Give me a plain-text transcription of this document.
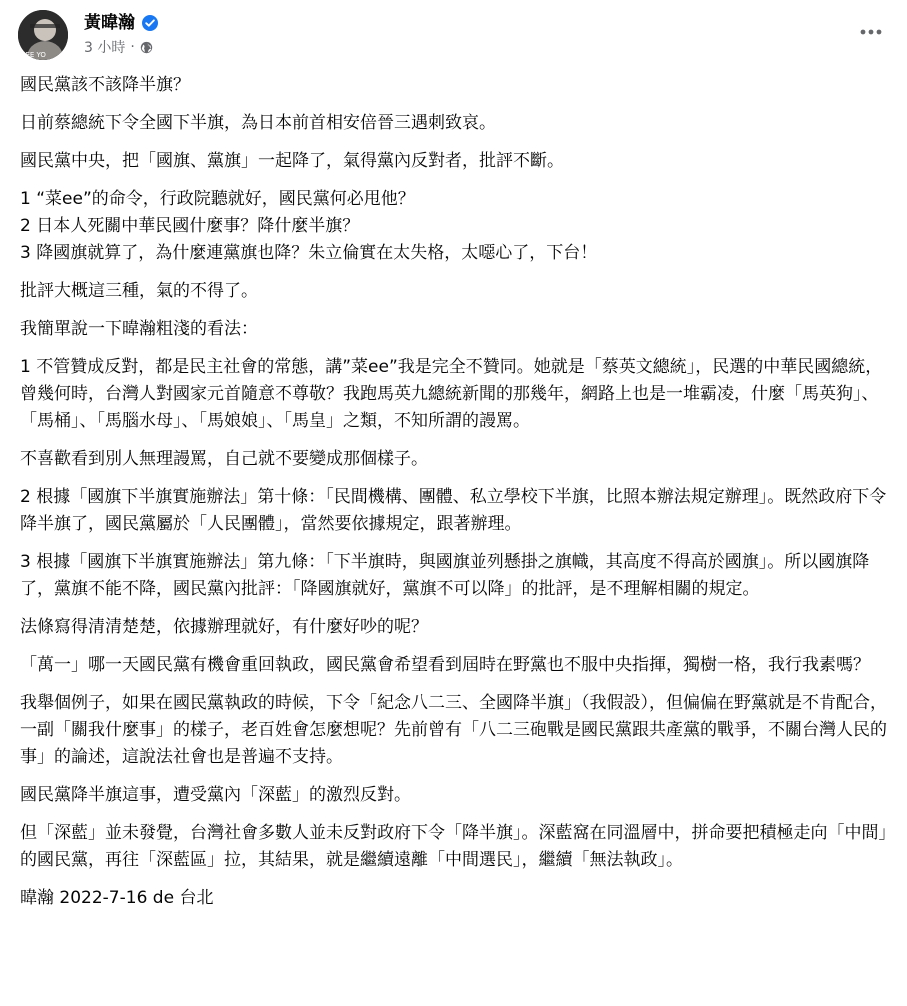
SEE YO
黃暐瀚
3 小時 ·

國民黨該不該降半旗？

日前蔡總統下令全國下半旗，為日本前首相安倍晉三遇刺致哀。

國民黨中央，把「國旗、黨旗」一起降了，氣得黨內反對者，批評不斷。

1 “菜ee”的命令，行政院聽就好，國民黨何必甩他？
2 日本人死關中華民國什麼事？降什麼半旗？
3 降國旗就算了，為什麼連黨旗也降？朱立倫實在太失格，太噁心了，下台！

批評大概這三種，氣的不得了。

我簡單說一下暐瀚粗淺的看法：

1 不管贊成反對，都是民主社會的常態，講”菜ee”我是完全不贊同。她就是「蔡英文總統」，民選的中華民國總統，曾幾何時，台灣人對國家元首隨意不尊敬？我跑馬英九總統新聞的那幾年，網路上也是一堆霸凌，什麼「馬英狗」、「馬桶」、「馬腦水母」、「馬娘娘」、「馬皇」之類，不知所謂的謾罵。

不喜歡看到別人無理謾罵，自己就不要變成那個樣子。

2 根據「國旗下半旗實施辦法」第十條：「民間機構、團體、私立學校下半旗，比照本辦法規定辦理」。既然政府下令降半旗了，國民黨屬於「人民團體」，當然要依據規定，跟著辦理。

3 根據「國旗下半旗實施辦法」第九條：「下半旗時，與國旗並列懸掛之旗幟，其高度不得高於國旗」。所以國旗降了，黨旗不能不降，國民黨內批評：「降國旗就好，黨旗不可以降」的批評，是不理解相關的規定。

法條寫得清清楚楚，依據辦理就好，有什麼好吵的呢？

「萬一」哪一天國民黨有機會重回執政，國民黨會希望看到屆時在野黨也不服中央指揮，獨樹一格，我行我素嗎？

我舉個例子，如果在國民黨執政的時候，下令「紀念八二三、全國降半旗」（我假設），但偏偏在野黨就是不肯配合，一副「關我什麼事」的樣子，老百姓會怎麼想呢？先前曾有「八二三砲戰是國民黨跟共產黨的戰爭，不關台灣人民的事」的論述，這說法社會也是普遍不支持。

國民黨降半旗這事，遭受黨內「深藍」的激烈反對。

但「深藍」並未發覺，台灣社會多數人並未反對政府下令「降半旗」。深藍窩在同溫層中，拼命要把積極走向「中間」的國民黨，再往「深藍區」拉，其結果，就是繼續遠離「中間選民」，繼續「無法執政」。

暐瀚 2022-7-16 de 台北
